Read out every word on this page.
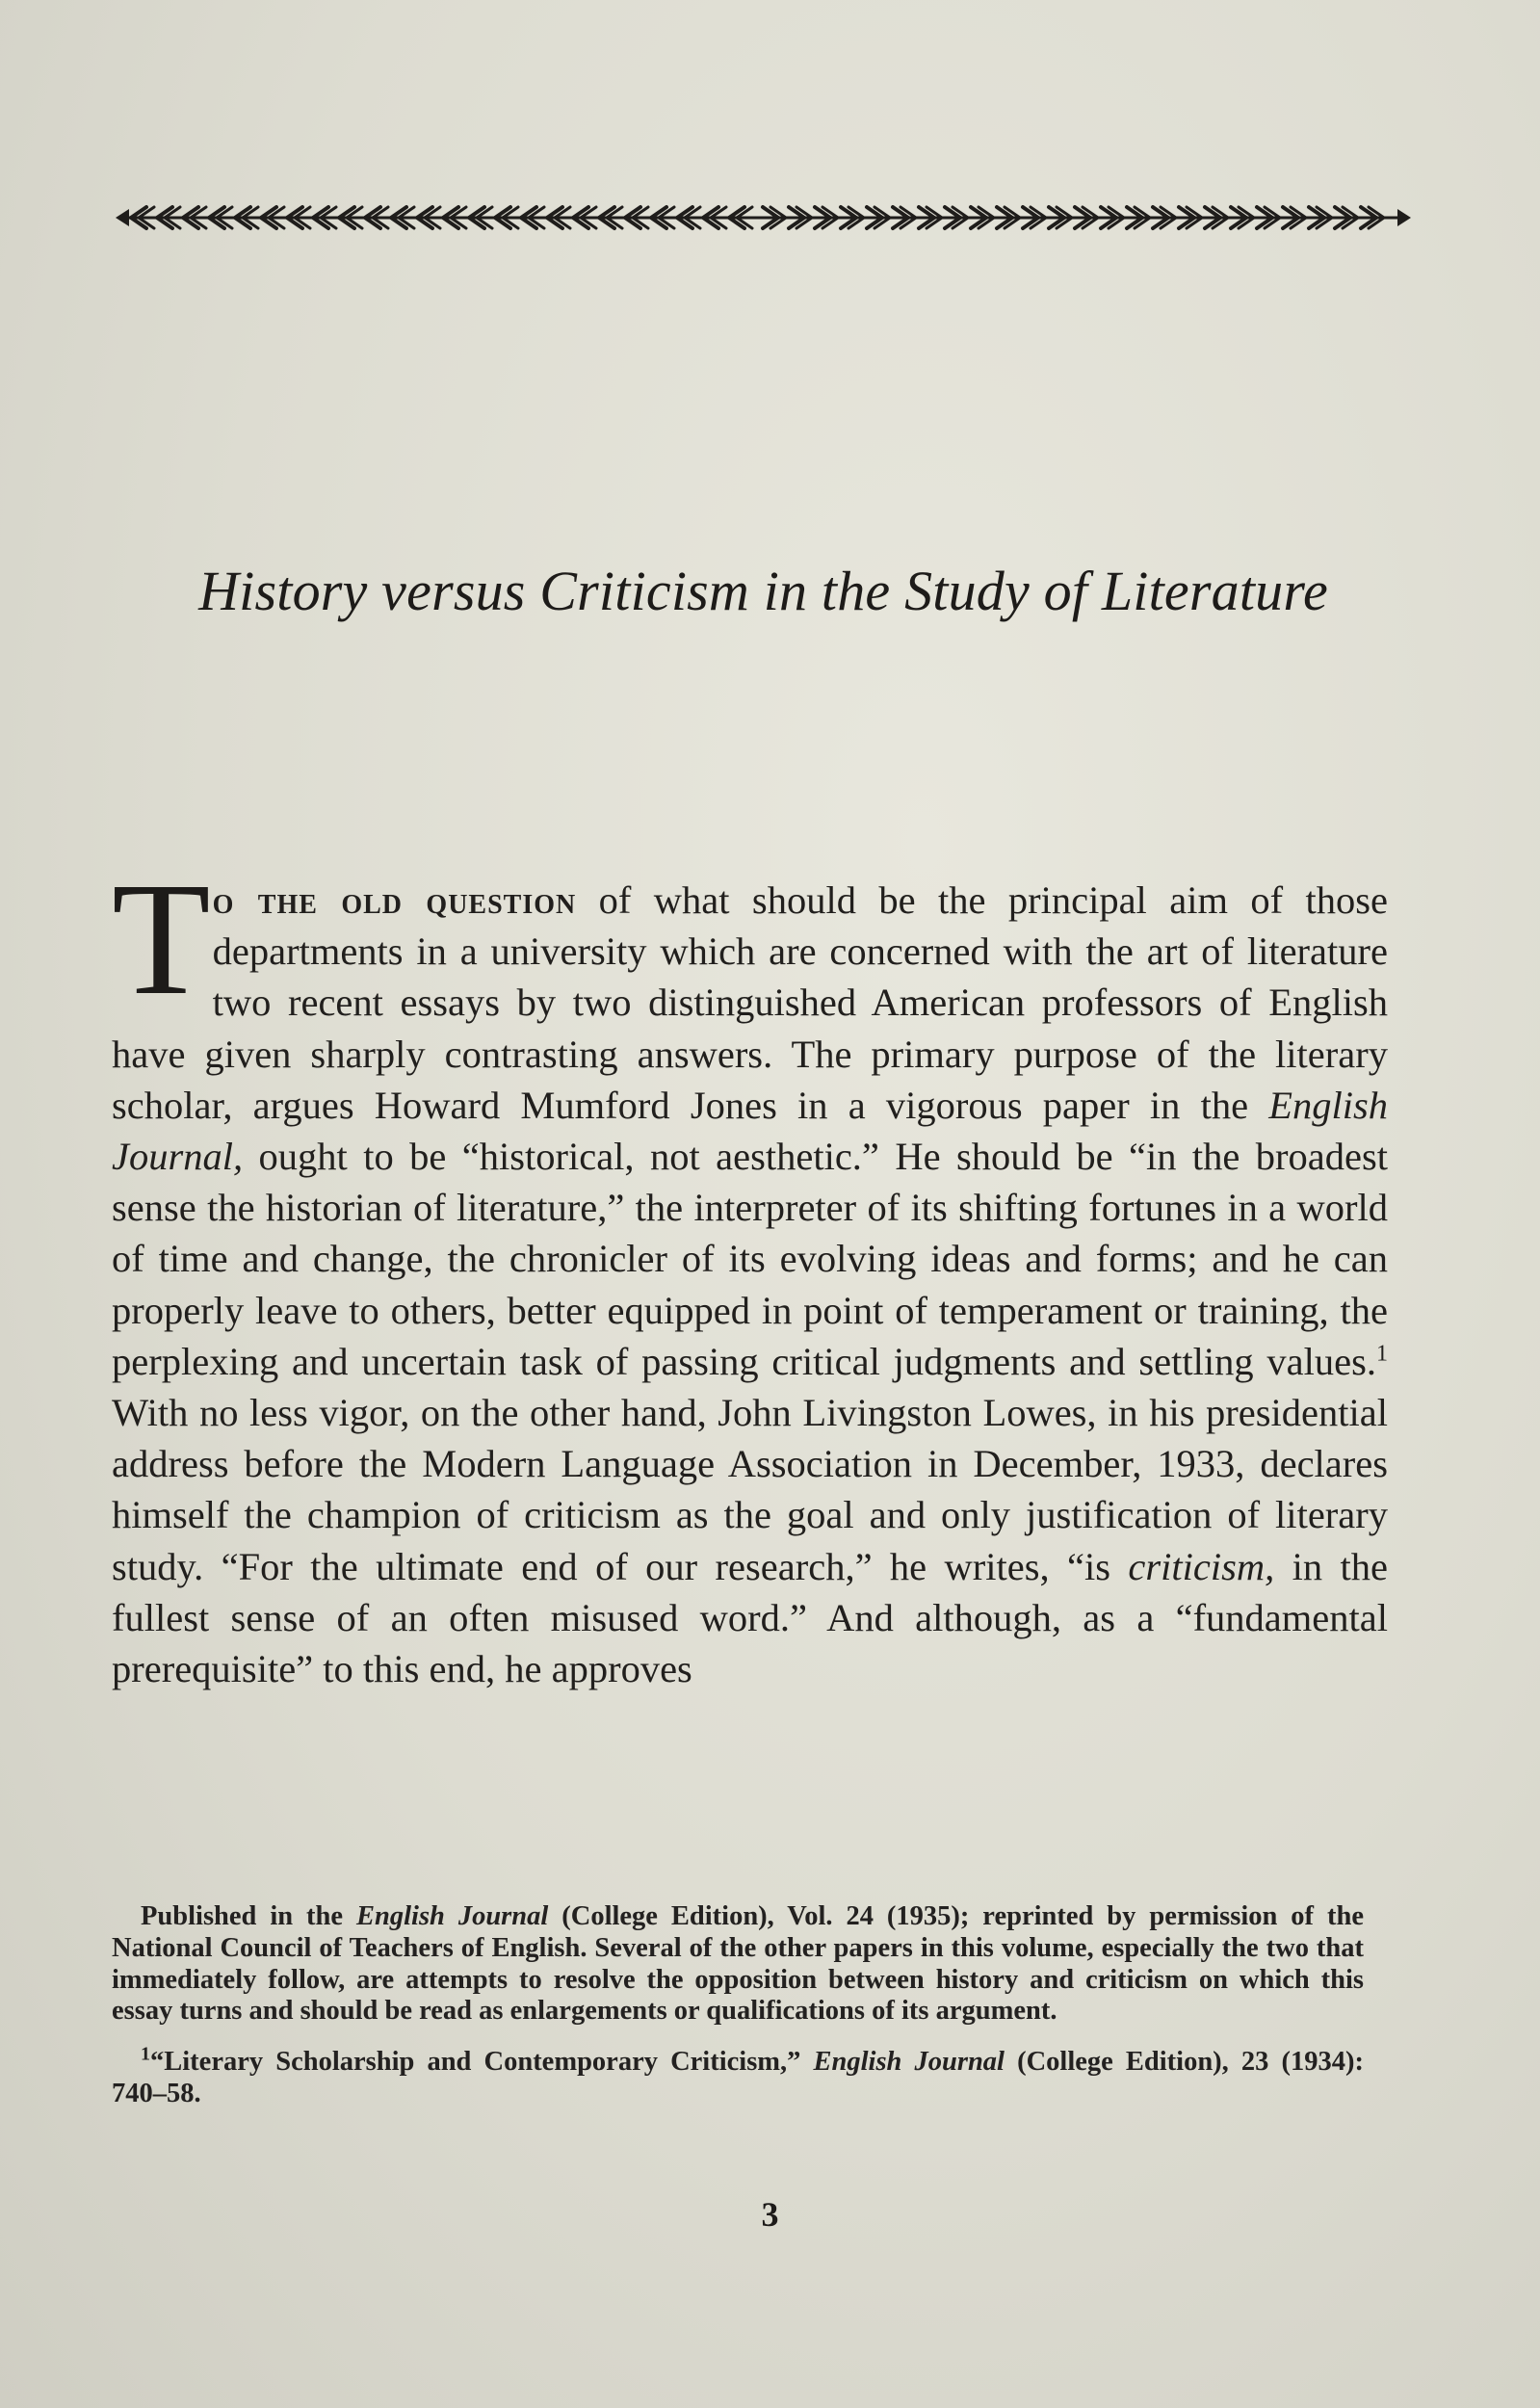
History versus Criticism in the Study of Literature
To the old question of what should be the principal aim of those departments in a university which are concerned with the art of literature two recent essays by two distinguished American professors of English have given sharply contrasting answers. The primary purpose of the literary scholar, argues Howard Mumford Jones in a vigorous paper in the English Journal, ought to be “historical, not aesthetic.” He should be “in the broadest sense the historian of literature,” the interpreter of its shifting fortunes in a world of time and change, the chronicler of its evolving ideas and forms; and he can properly leave to others, better equipped in point of temperament or training, the perplexing and uncertain task of passing critical judgments and settling values.$^1$ With no less vigor, on the other hand, John Livingston Lowes, in his presidential address before the Modern Language Association in December, 1933, declares himself the champion of criticism as the goal and only justification of literary study. “For the ultimate end of our research,” he writes, “is criticism, in the fullest sense of an often misused word.” And although, as a “fundamental prerequisite” to this end, he approves

Published in the English Journal (College Edition), Vol. 24 (1935); reprinted by permission of the National Council of Teachers of English. Several of the other papers in this volume, especially the two that immediately follow, are attempts to resolve the opposition between history and criticism on which this essay turns and should be read as enlargements or qualifications of its argument.

$^1$“Literary Scholarship and Contemporary Criticism,” English Journal (College Edition), 23 (1934): 740–58.

3
